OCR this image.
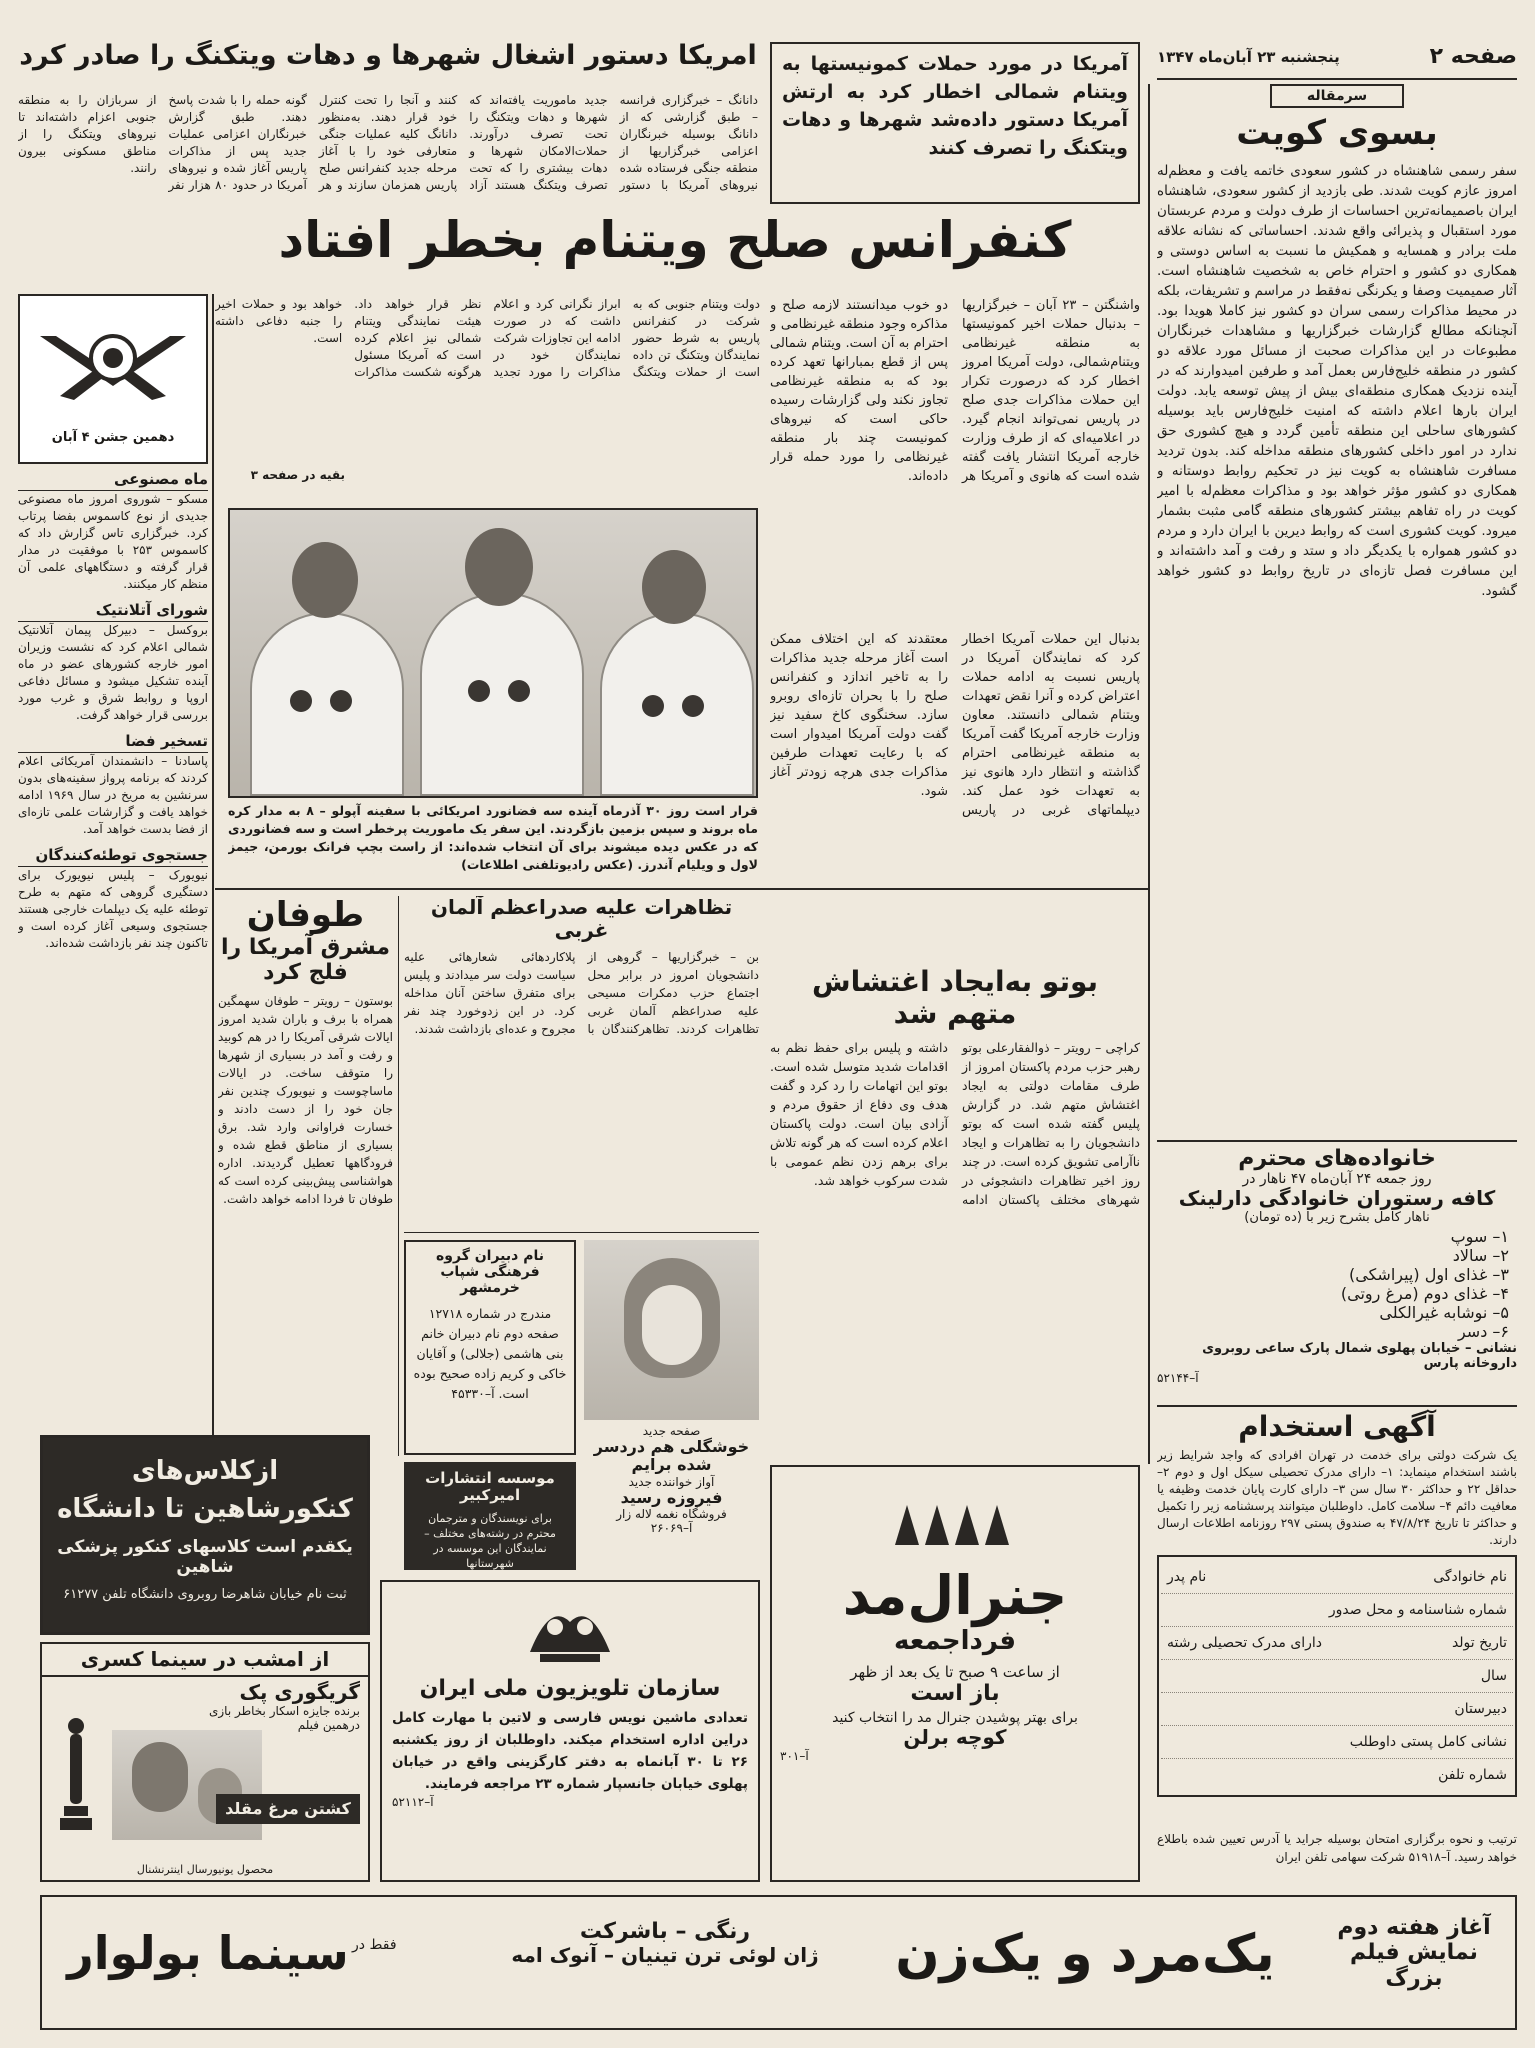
صفحه ۲
پنجشنبه ۲۳ آبان‌ماه ۱۳۴۷
سرمقاله
بسوی کویت
سفر رسمی شاهنشاه در کشور سعودی خاتمه یافت و معظم‌له امروز عازم کویت شدند. طی بازدید از کشور سعودی، شاهنشاه ایران باصمیمانه‌ترین احساسات از طرف دولت و مردم عربستان مورد استقبال و پذیرائی واقع شدند. احساساتی که نشانه علاقه ملت برادر و همسایه و همکیش ما نسبت به اساس دوستی و همکاری دو کشور و احترام خاص به شخصیت شاهنشاه است. آثار صمیمیت وصفا و یکرنگی نه‌فقط در مراسم و تشریفات، بلکه در محیط مذاکرات رسمی سران دو کشور نیز کاملا هویدا بود. آنچنانکه مطالع گزارشات خبرگزاریها و مشاهدات خبرنگاران مطبوعات در این مذاکرات صحبت از مسائل مورد علاقه دو کشور در منطقه خلیج‌فارس بعمل آمد و طرفین امیدوارند که در آینده نزدیک همکاری منطقه‌ای بیش از پیش توسعه یابد. دولت ایران بارها اعلام داشته که امنیت خلیج‌فارس باید بوسیله کشورهای ساحلی این منطقه تأمین گردد و هیچ کشوری حق ندارد در امور داخلی کشورهای منطقه مداخله کند. بدون تردید مسافرت شاهنشاه به کویت نیز در تحکیم روابط دوستانه و همکاری دو کشور مؤثر خواهد بود و مذاکرات معظم‌له با امیر کویت در راه تفاهم بیشتر کشورهای منطقه گامی مثبت بشمار میرود. کویت کشوری است که روابط دیرین با ایران دارد و مردم دو کشور همواره با یکدیگر داد و ستد و رفت و آمد داشته‌اند و این مسافرت فصل تازه‌ای در تاریخ روابط دو کشور خواهد گشود.
امریکا دستور اشغال شهرها و دهات ویتکنگ را صادر کرد	آمریکا در مورد حملات کمونیستها به ویتنام شمالی اخطار کرد به ارتش آمریکا دستور داده‌شد شهرها و دهات ویتکنگ را تصرف کنند
دانانگ – خبرگزاری فرانسه – طبق گزارشی که از دانانگ بوسیله خبرنگاران اعزامی خبرگزاریها از منطقه جنگی فرستاده شده نیروهای آمریکا با دستور جدید ماموریت یافته‌اند که شهرها و دهات ویتکنگ را تحت تصرف درآورند. حملات‌الامکان شهرها و دهات بیشتری را که تحت تصرف ویتکنگ هستند آزاد کنند و آنجا را تحت کنترل خود قرار دهند. به‌منظور دانانگ کلیه عملیات جنگی متعارفی خود را با آغاز مرحله جدید کنفرانس صلح پاریس همزمان سازند و هر گونه حمله را با شدت پاسخ دهند. طبق گزارش خبرنگاران اعزامی عملیات جدید پس از مذاکرات پاریس آغاز شده و نیروهای آمریکا در حدود ۸۰ هزار نفر از سربازان را به منطقه جنوبی اعزام داشته‌اند تا نیروهای ویتکنگ را از مناطق مسکونی بیرون رانند.
کنفرانس صلح ویتنام بخطر افتاد
واشنگتن – ۲۳ آبان – خبرگزاریها – بدنبال حملات اخیر کمونیستها به منطقه غیرنظامی ویتنام‌شمالی، دولت آمریکا امروز اخطار کرد که درصورت تکرار این حملات مذاکرات جدی صلح در پاریس نمی‌تواند انجام گیرد. در اعلامیه‌ای که از طرف وزارت خارجه آمریکا انتشار یافت گفته شده است که هانوی و آمریکا هر دو خوب میدانستند لازمه صلح و مذاکره وجود منطقه غیرنظامی و احترام به آن است. ویتنام شمالی پس از قطع بمبارانها تعهد کرده بود که به منطقه غیرنظامی تجاوز نکند ولی گزارشات رسیده حاکی است که نیروهای کمونیست چند بار منطقه غیرنظامی را مورد حمله قرار داده‌اند.
دولت ویتنام جنوبی که به شرکت در کنفرانس پاریس به شرط حضور نمایندگان ویتکنگ تن داده است از حملات ویتکنگ ابراز نگرانی کرد و اعلام داشت که در صورت ادامه این تجاوزات شرکت نمایندگان خود در مذاکرات را مورد تجدید نظر قرار خواهد داد. هیئت نمایندگی ویتنام شمالی نیز اعلام کرده است که آمریکا مسئول هرگونه شکست مذاکرات خواهد بود و حملات اخیر را جنبه دفاعی داشته است.
بقیه در صفحه ۳
بدنبال این حملات آمریکا اخطار کرد که نمایندگان آمریکا در پاریس نسبت به ادامه حملات اعتراض کرده و آنرا نقض تعهدات ویتنام شمالی دانستند. معاون وزارت خارجه آمریکا گفت آمریکا به منطقه غیرنظامی احترام گذاشته و انتظار دارد هانوی نیز به تعهدات خود عمل کند. دیپلماتهای غربی در پاریس معتقدند که این اختلاف ممکن است آغاز مرحله جدید مذاکرات را به تاخیر اندازد و کنفرانس صلح را با بحران تازه‌ای روبرو سازد. سخنگوی کاخ سفید نیز گفت دولت آمریکا امیدوار است که با رعایت تعهدات طرفین مذاکرات جدی هرچه زودتر آغاز شود.
دهمین جشن ۴ آبان
ماه مصنوعی
مسکو – شوروی امروز ماه مصنوعی جدیدی از نوع کاسموس بفضا پرتاب کرد. خبرگزاری تاس گزارش داد که کاسموس ۲۵۳ با موفقیت در مدار قرار گرفته و دستگاههای علمی آن منظم کار میکنند.
شورای آتلانتیک
بروکسل – دبیرکل پیمان آتلانتیک شمالی اعلام کرد که نشست وزیران امور خارجه کشورهای عضو در ماه آینده تشکیل میشود و مسائل دفاعی اروپا و روابط شرق و غرب مورد بررسی قرار خواهد گرفت.
تسخیر فضا
پاسادنا – دانشمندان آمریکائی اعلام کردند که برنامه پرواز سفینه‌های بدون سرنشین به مریخ در سال ۱۹۶۹ ادامه خواهد یافت و گزارشات علمی تازه‌ای از فضا بدست خواهد آمد.
جستجوی توطئه‌کنندگان
نیویورک – پلیس نیویورک برای دستگیری گروهی که متهم به طرح توطئه علیه یک دیپلمات خارجی هستند جستجوی وسیعی آغاز کرده است و تاکنون چند نفر بازداشت شده‌اند.
قرار است روز ۳۰ آذرماه آینده سه فضانورد امریکائی با سفینه آپولو – ۸ به مدار کره ماه بروند و سپس بزمین بازگردند. این سفر یک ماموریت پرخطر است و سه فضانوردی که در عکس دیده میشوند برای آن انتخاب شده‌اند: از راست بچپ فرانک بورمن، جیمز لاول و ویلیام آندرز. (عکس رادیوتلفنی اطلاعات)
طوفان
مشرق آمریکا را فلج کرد
بوستون – رویتر – طوفان سهمگین همراه با برف و باران شدید امروز ایالات شرقی آمریکا را در هم کوبید و رفت و آمد در بسیاری از شهرها را متوقف ساخت. در ایالات ماساچوست و نیویورک چندین نفر جان خود را از دست دادند و خسارت فراوانی وارد شد. برق بسیاری از مناطق قطع شده و فرودگاهها تعطیل گردیدند. اداره هواشناسی پیش‌بینی کرده است که طوفان تا فردا ادامه خواهد داشت.
تظاهرات علیه صدراعظم آلمان غربی
بن – خبرگزاریها – گروهی از دانشجویان امروز در برابر محل اجتماع حزب دمکرات مسیحی علیه صدراعظم آلمان غربی تظاهرات کردند. تظاهرکنندگان با پلاکاردهائی شعارهائی علیه سیاست دولت سر میدادند و پلیس برای متفرق ساختن آنان مداخله کرد. در این زدوخورد چند نفر مجروح و عده‌ای بازداشت شدند.
نام دبیران گروه فرهنگی شپاب خرمشهر
مندرج در شماره ۱۲۷۱۸ صفحه دوم نام دبیران خانم بنی هاشمی (جلالی) و آقایان خاکی و کریم زاده صحیح بوده است. آ–۴۵۳۳۰
صفحه جدید
خوشگلی هم دردسر شده برایم
آواز خواننده جدید
فیروزه رسید
فروشگاه نغمه لاله زار
آ–۲۶۰۶۹
موسسه انتشارات امیرکبیر
برای نویسندگان و مترجمان محترم در رشته‌های مختلف – نمایندگان این موسسه در شهرستانها
بوتو به‌ایجاد اغتشاش
متهم شد
کراچی – رویتر – ذوالفقارعلی بوتو رهبر حزب مردم پاکستان امروز از طرف مقامات دولتی به ایجاد اغتشاش متهم شد. در گزارش پلیس گفته شده است که بوتو دانشجویان را به تظاهرات و ایجاد ناآرامی تشویق کرده است. در چند روز اخیر تظاهرات دانشجوئی در شهرهای مختلف پاکستان ادامه داشته و پلیس برای حفظ نظم به اقدامات شدید متوسل شده است. بوتو این اتهامات را رد کرد و گفت هدف وی دفاع از حقوق مردم و آزادی بیان است. دولت پاکستان اعلام کرده است که هر گونه تلاش برای برهم زدن نظم عمومی با شدت سرکوب خواهد شد.
خانواده‌های محترم
روز جمعه ۲۴ آبان‌ماه ۴۷ ناهار در
کافه رستوران خانوادگی دارلینک
ناهار کامل بشرح زیر با (ده تومان)
۱– سوپ
۲– سالاد
۳– غذای اول (پیراشکی)
۴– غذای دوم (مرغ روتی)
۵– نوشابه غیرالکلی
۶– دسر
نشانی – خیابان پهلوی شمال پارک ساعی روبروی داروخانه پارس
آ–۵۲۱۴۴
آگهی استخدام
یک شرکت دولتی برای خدمت در تهران افرادی که واجد شرایط زیر باشند استخدام مینماید: ۱– دارای مدرک تحصیلی سیکل اول و دوم ۲– حداقل ۲۲ و حداکثر ۳۰ سال سن ۳– دارای کارت پایان خدمت وظیفه یا معافیت دائم ۴– سلامت کامل. داوطلبان میتوانند پرسشنامه زیر را تکمیل و حداکثر تا تاریخ ۴۷/۸/۲۴ به صندوق پستی ۲۹۷ روزنامه اطلاعات ارسال دارند.
نام خانوادگی
نام پدر
شماره شناسنامه و محل صدور
تاریخ تولد
دارای مدرک تحصیلی رشته
سال
دبیرستان
نشانی کامل پستی داوطلب
شماره تلفن
ترتیب و نحوه برگزاری امتحان بوسیله جراید یا آدرس تعیین شده باطلاع خواهد رسید. آ–۵۱۹۱۸ شرکت سهامی تلفن ایران
ازکلاس‌های کنکورشاهین تا دانشگاه
یکقدم است کلاسهای کنکور پزشکی شاهین
ثبت نام خیابان شاهرضا روبروی دانشگاه تلفن ۶۱۲۷۷
از امشب در سینما کسری
گریگوری پک
برنده جایزه اسکار بخاطر بازی
درهمین فیلم
کشتن مرغ مقلد
محصول یونیورسال اینترنشنال
سازمان تلویزیون ملی ایران
تعدادی ماشین نویس فارسی و لاتین با مهارت کامل دراین اداره استخدام میکند. داوطلبان از روز یکشنبه ۲۶ تا ۳۰ آبانماه به دفتر کارگزینی واقع در خیابان پهلوی خیابان جانسپار شماره ۲۳ مراجعه فرمایند.
آ–۵۲۱۱۲
جنرال‌مد
فرداجمعه
از ساعت ۹ صبح تا یک بعد از ظهر
باز است
برای بهتر پوشیدن جنرال مد را انتخاب کنید
کوچه برلن
آ–۳۰۱
آغاز هفته دوم
نمایش فیلم بزرگ
یک‌مرد و یک‌زن
رنگی – باشرکت
ژان لوئی ترن تینیان – آنوک امه
فقط در
سینما بولوار
